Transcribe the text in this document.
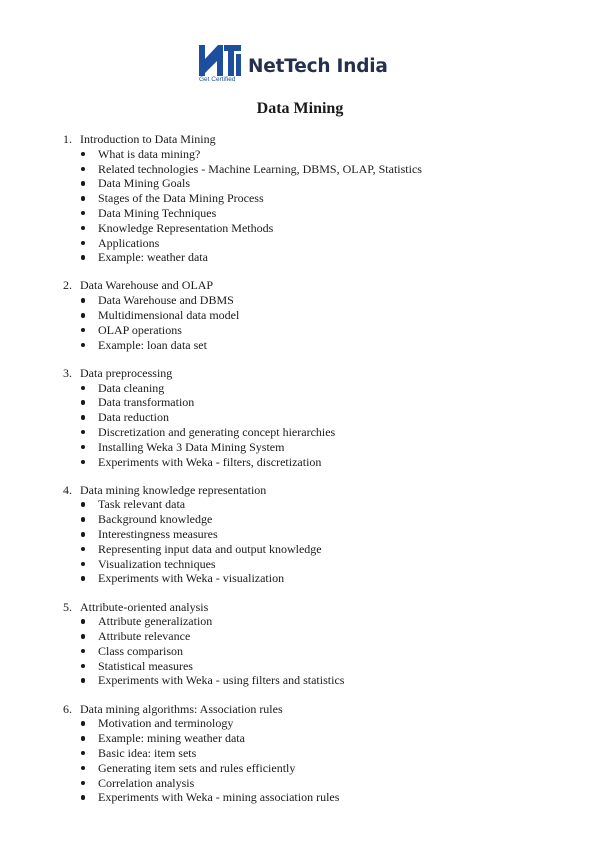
NetTech India
Get Certified
Data Mining
1. Introduction to Data Mining
What is data mining?
Related technologies - Machine Learning, DBMS, OLAP, Statistics
Data Mining Goals
Stages of the Data Mining Process
Data Mining Techniques
Knowledge Representation Methods
Applications
Example: weather data
2. Data Warehouse and OLAP
Data Warehouse and DBMS
Multidimensional data model
OLAP operations
Example: loan data set
3. Data preprocessing
Data cleaning
Data transformation
Data reduction
Discretization and generating concept hierarchies
Installing Weka 3 Data Mining System
Experiments with Weka - filters, discretization
4. Data mining knowledge representation
Task relevant data
Background knowledge
Interestingness measures
Representing input data and output knowledge
Visualization techniques
Experiments with Weka - visualization
5. Attribute-oriented analysis
Attribute generalization
Attribute relevance
Class comparison
Statistical measures
Experiments with Weka - using filters and statistics
6. Data mining algorithms: Association rules
Motivation and terminology
Example: mining weather data
Basic idea: item sets
Generating item sets and rules efficiently
Correlation analysis
Experiments with Weka - mining association rules
